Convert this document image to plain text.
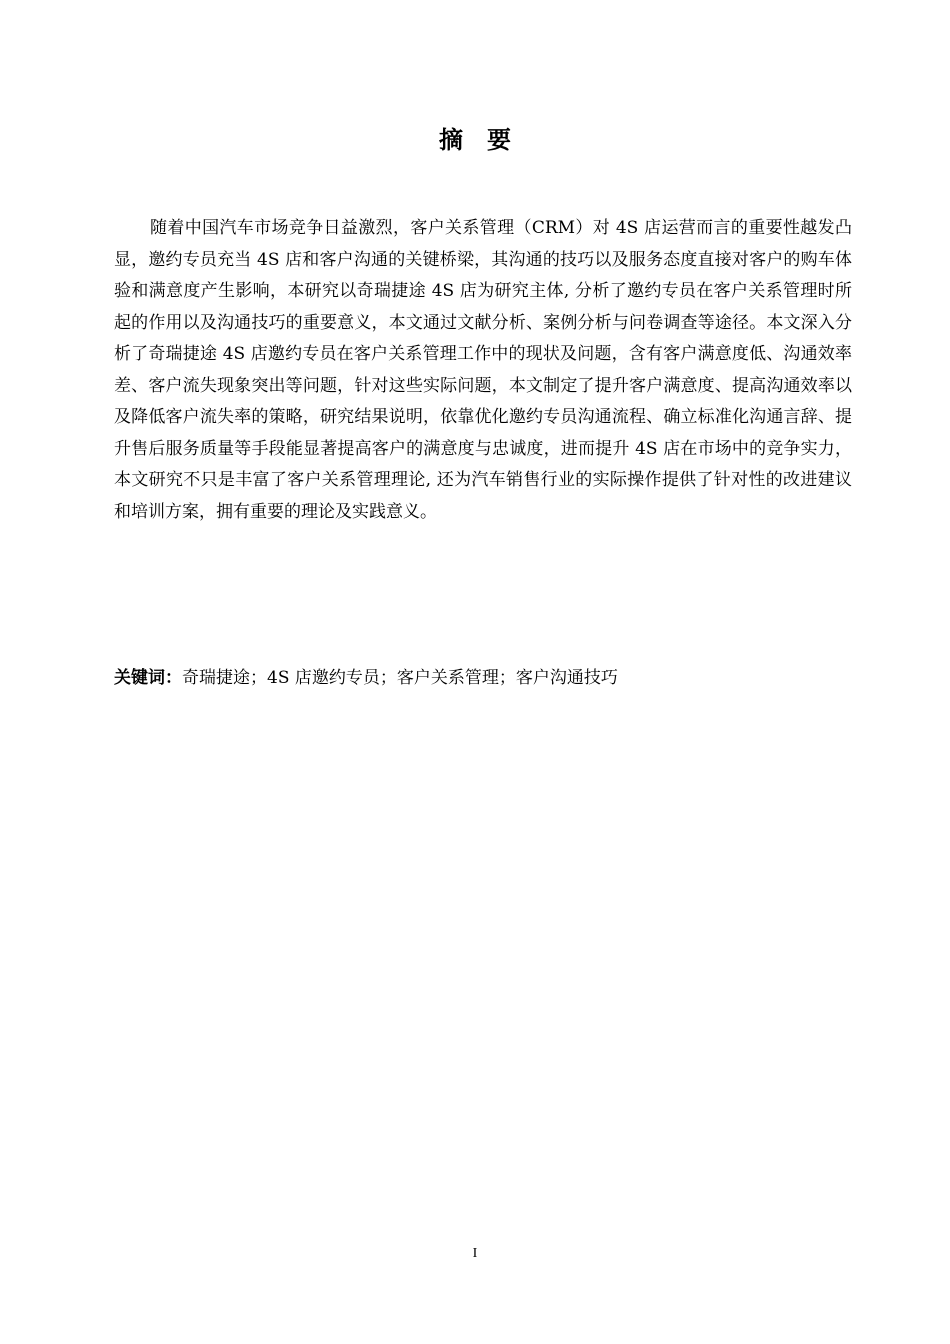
摘要

随着中国汽车市场竞争日益激烈，客户关系管理（CRM）对 4S 店运营而言的重要性越发凸显，邀约专员充当 4S 店和客户沟通的关键桥梁，其沟通的技巧以及服务态度直接对客户的购车体验和满意度产生影响，本研究以奇瑞捷途 4S 店为研究主体, 分析了邀约专员在客户关系管理时所起的作用以及沟通技巧的重要意义，本文通过文献分析、案例分析与问卷调查等途径。本文深入分析了奇瑞捷途 4S 店邀约专员在客户关系管理工作中的现状及问题，含有客户满意度低、沟通效率差、客户流失现象突出等问题，针对这些实际问题，本文制定了提升客户满意度、提高沟通效率以及降低客户流失率的策略，研究结果说明，依靠优化邀约专员沟通流程、确立标准化沟通言辞、提升售后服务质量等手段能显著提高客户的满意度与忠诚度，进而提升 4S 店在市场中的竞争实力，本文研究不只是丰富了客户关系管理理论, 还为汽车销售行业的实际操作提供了针对性的改进建议和培训方案，拥有重要的理论及实践意义。

关键词：奇瑞捷途；4S 店邀约专员；客户关系管理；客户沟通技巧

I
